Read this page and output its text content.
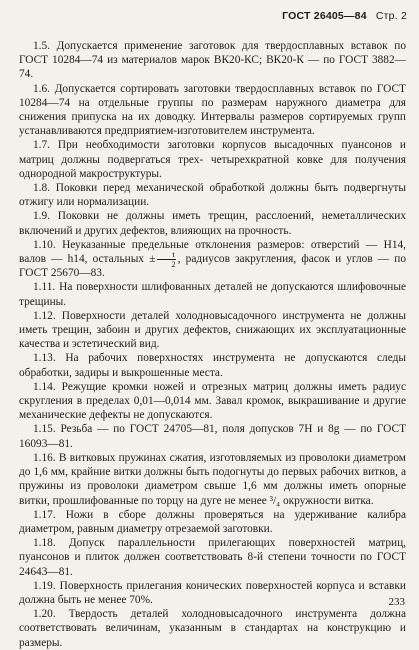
ГОСТ 26405—84 Стр. 2

1.5. Допускается применение заготовок для твердосплавных вставок по ГОСТ 10284—74 из материалов марок ВК20-КС; ВК20-К — по ГОСТ 3882—74.

1.6. Допускается сортировать заготовки твердосплавных вставок по ГОСТ 10284—74 на отдельные группы по размерам наружного диаметра для снижения припуска на их доводку. Интервалы размеров сортируемых групп устанавливаются предприятием-изготовителем инструмента.

1.7. При необходимости заготовки корпусов высадочных пуансонов и матриц должны подвергаться трех- четырехкратной ковке для получения однородной макроструктуры.

1.8. Поковки перед механической обработкой должны быть подвергнуты отжигу или нормализации.

1.9. Поковки не должны иметь трещин, расслоений, неметаллических включений и других дефектов, влияющих на прочность.

1.10. Неуказанные предельные отклонения размеров: отверстий — H14, валов — h14, остальных ± $\frac{t}{2}$ , радиусов закругления, фасок и углов — по ГОСТ 25670—83.

1.11. На поверхности шлифованных деталей не допускаются шлифовочные трещины.

1.12. Поверхности деталей холодновысадочного инструмента не должны иметь трещин, забоин и других дефектов, снижающих их эксплуатационные качества и эстетический вид.

1.13. На рабочих поверхностях инструмента не допускаются следы обработки, задиры и выкрошенные места.

1.14. Режущие кромки ножей и отрезных матриц должны иметь радиус скругления в пределах 0,01—0,014 мм. Завал кромок, выкрашивание и другие механические дефекты не допускаются.

1.15. Резьба — по ГОСТ 24705—81, поля допусков 7Н и 8g — по ГОСТ 16093—81.

1.16. В витковых пружинах сжатия, изготовляемых из проволоки диаметром до 1,6 мм, крайние витки должны быть подогнуты до первых рабочих витков, а пружины из проволоки диаметром свыше 1,6 мм должны иметь опорные витки, прошлифованные по торцу на дуге не менее ³/₄ окружности витка.

1.17. Ножи в сборе должны проверяться на удерживание калибра диаметром, равным диаметру отрезаемой заготовки.

1.18. Допуск параллельности прилегающих поверхностей матриц, пуансонов и плиток должен соответствовать 8-й степени точности по ГОСТ 24643—81.

1.19. Поверхность прилегания конических поверхностей корпуса и вставки должна быть не менее 70%.

1.20. Твердость деталей холодновысадочного инструмента должна соответствовать величинам, указанным в стандартах на конструкцию и размеры.

233
